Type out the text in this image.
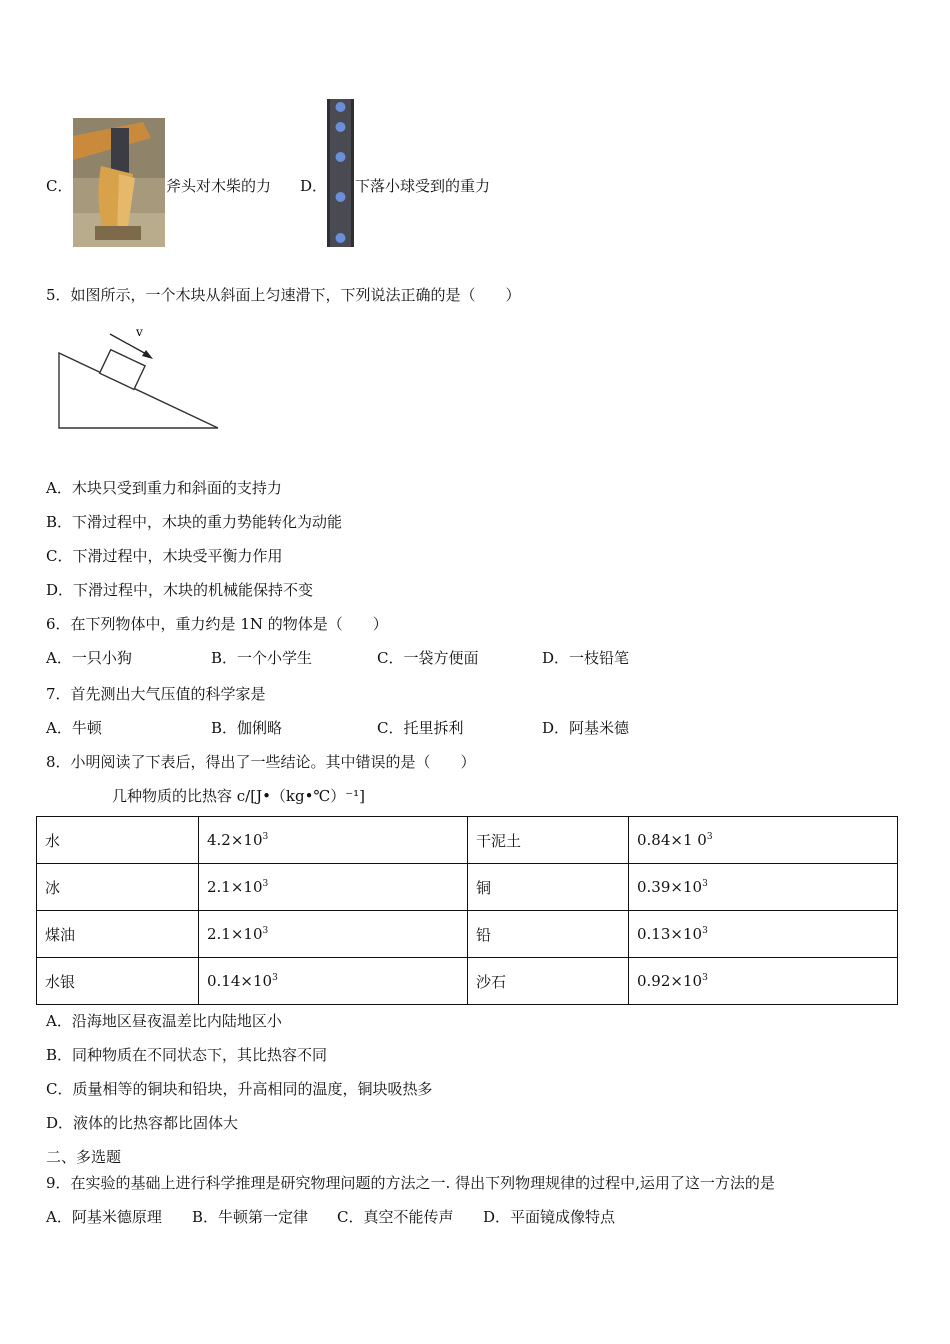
C．	斧头对木柴的力 D． 下落小球受到的重力
5．如图所示，一个木块从斜面上匀速滑下，下列说法正确的是（　　）
v
A．木块只受到重力和斜面的支持力
B．下滑过程中，木块的重力势能转化为动能
C．下滑过程中，木块受平衡力作用
D．下滑过程中，木块的机械能保持不变
6．在下列物体中，重力约是 1N 的物体是（　　）
A．一只小狗	B．一个小学生	C．一袋方便面	D．一枝铅笔
7．首先测出大气压值的科学家是
A．牛顿	B．伽俐略	C．托里拆利	D．阿基米德
8．小明阅读了下表后，得出了一些结论。其中错误的是（　　）
几种物质的比热容 c/[J•（kg•℃）⁻¹]
水	$4.2\times 10^3$	干泥土	0.84×1 $0^3$
冰	$2.1\times 10^3$	铜	$0.39\times 10^3$
煤油	$2.1\times 10^3$	铅	$0.13\times 10^3$
水银	$0.14\times 10^3$	沙石	$0.92\times 10^3$
A．沿海地区昼夜温差比内陆地区小
B．同种物质在不同状态下，其比热容不同
C．质量相等的铜块和铅块，升高相同的温度，铜块吸热多
D．液体的比热容都比固体大
二、多选题
9．在实验的基础上进行科学推理是研究物理问题的方法之一. 得出下列物理规律的过程中,运用了这一方法的是
A．阿基米德原理 B．牛顿第一定律 C．真空不能传声 D．平面镜成像特点
